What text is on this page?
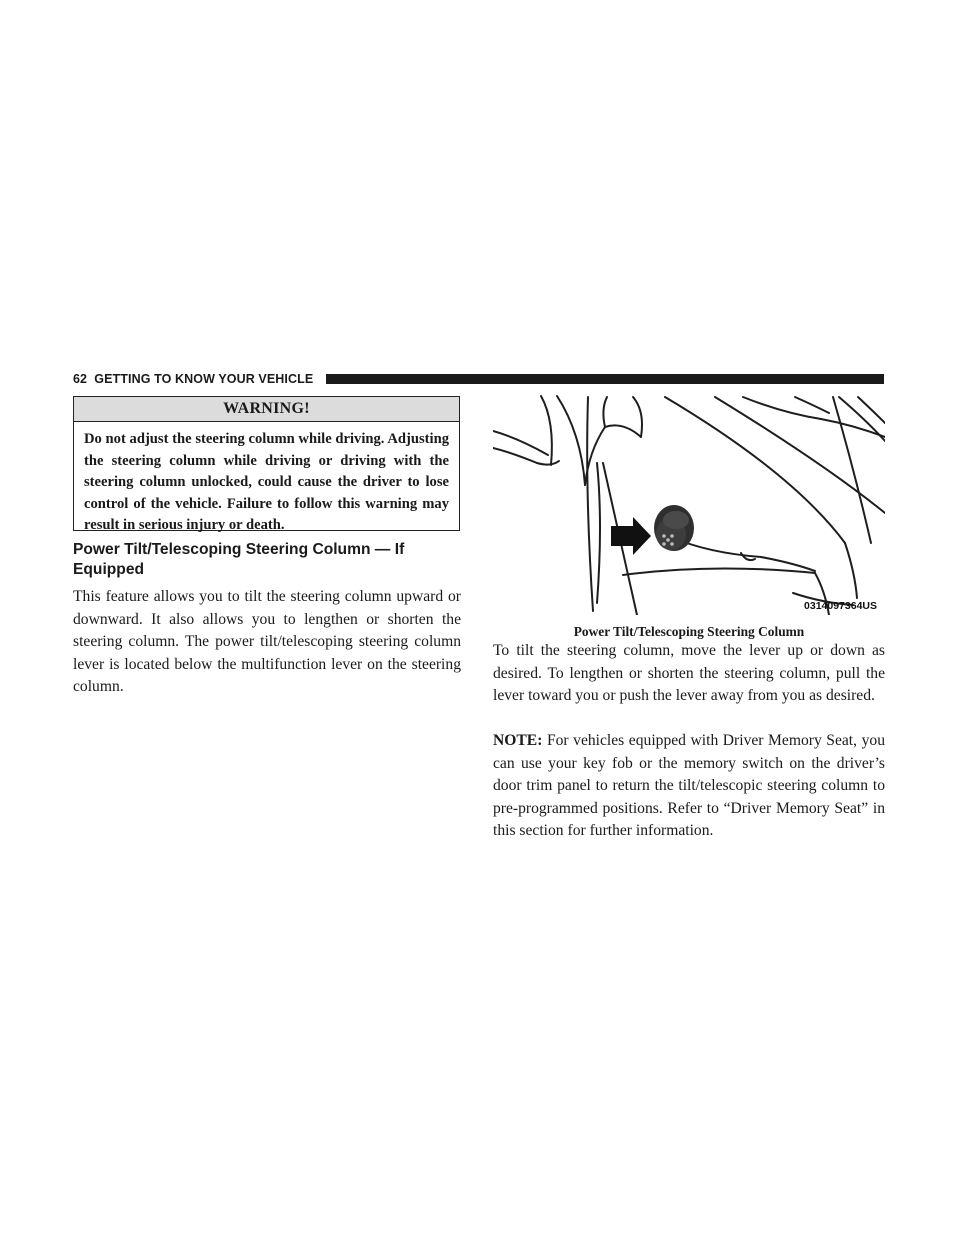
62 GETTING TO KNOW YOUR VEHICLE
WARNING!
Do not adjust the steering column while driving. Adjusting the steering column while driving or driving with the steering column unlocked, could cause the driver to lose control of the vehicle. Failure to follow this warning may result in serious injury or death.
Power Tilt/Telescoping Steering Column — If Equipped
This feature allows you to tilt the steering column upward or downward. It also allows you to lengthen or shorten the steering column. The power tilt/telescoping steering column lever is located below the multifunction lever on the steering column.
0314097364US
Power Tilt/Telescoping Steering Column
To tilt the steering column, move the lever up or down as desired. To lengthen or shorten the steering column, pull the lever toward you or push the lever away from you as desired.
NOTE: For vehicles equipped with Driver Memory Seat, you can use your key fob or the memory switch on the driver’s door trim panel to return the tilt/telescopic steering column to pre-programmed positions. Refer to “Driver Memory Seat” in this section for further information.
